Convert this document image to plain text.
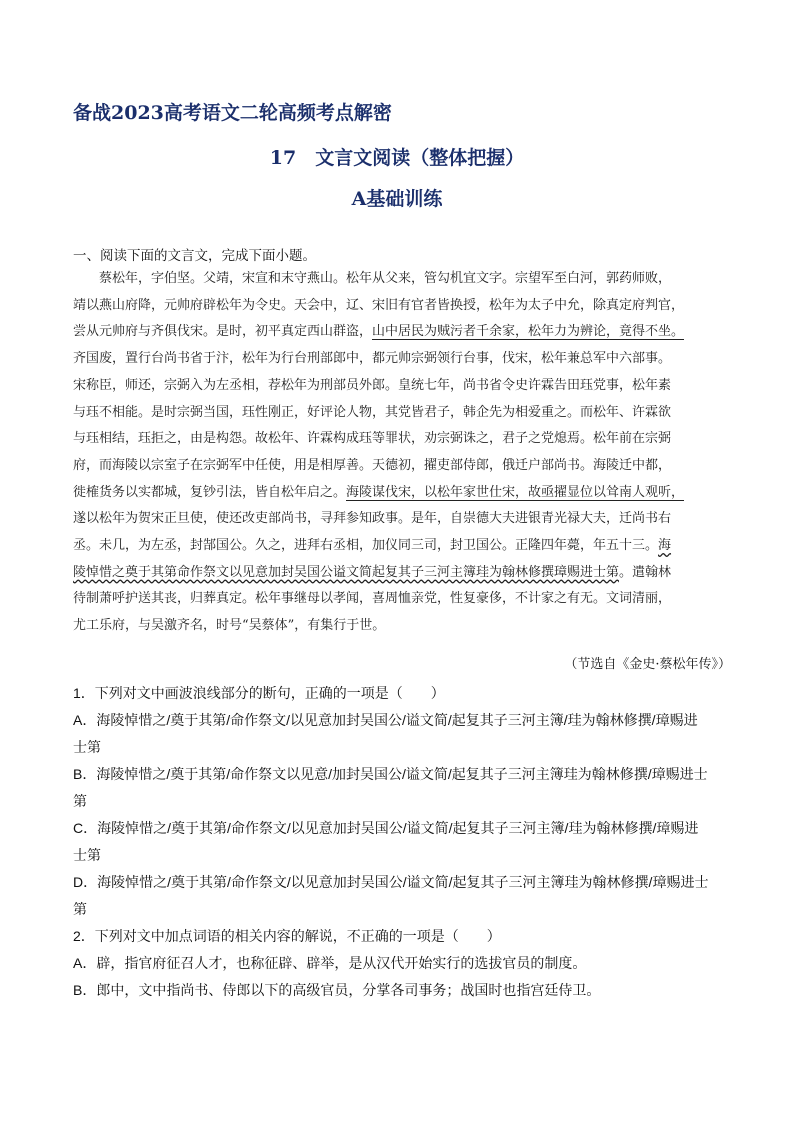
备战2023高考语文二轮高频考点解密
17　文言文阅读（整体把握）
A基础训练
一、阅读下面的文言文，完成下面小题。
　　蔡松年，字伯坚。父靖，宋宣和末守燕山。松年从父来，管勾机宜文字。宗望军至白河，郭药师败，
靖以燕山府降，元帅府辟松年为令史。天会中，辽、宋旧有官者皆换授，松年为太子中允，除真定府判官，
尝从元帅府与齐俱伐宋。是时，初平真定西山群盗，山中居民为贼污者千余家，松年力为辨论，竟得不坐。
齐国废，置行台尚书省于汴，松年为行台刑部郎中，都元帅宗弼领行台事，伐宋，松年兼总军中六部事。
宋称臣，师还，宗弼入为左丞相，荐松年为刑部员外郎。皇统七年，尚书省令史许霖告田珏党事，松年素
与珏不相能。是时宗弼当国，珏性刚正，好评论人物，其党皆君子，韩企先为相爱重之。而松年、许霖欲
与珏相结，珏拒之，由是构怨。故松年、许霖构成珏等罪状，劝宗弼诛之，君子之党熄焉。松年前在宗弼
府，而海陵以宗室子在宗弼军中任使，用是相厚善。天德初，擢吏部侍郎，俄迁户部尚书。海陵迁中都，
徙榷货务以实都城，复钞引法，皆自松年启之。海陵谋伐宋，以松年家世仕宋，故亟擢显位以耸南人观听，
遂以松年为贺宋正旦使，使还改吏部尚书，寻拜参知政事。是年，自崇德大夫进银青光禄大夫，迁尚书右
丞。未几，为左丞，封郜国公。久之，进拜右丞相，加仪同三司，封卫国公。正隆四年薨，年五十三。海
陵悼惜之奠于其第命作祭文以见意加封吴国公谥文简起复其子三河主簿珪为翰林修撰璋赐进士第。遣翰林
待制萧呼护送其丧，归葬真定。松年事继母以孝闻，喜周恤亲党，性复豪侈，不计家之有无。文词清丽，
尤工乐府，与吴激齐名，时号“吴蔡体”，有集行于世。
（节选自《金史·蔡松年传》）
1．下列对文中画波浪线部分的断句，正确的一项是（　　）
A．海陵悼惜之/奠于其第/命作祭文/以见意加封吴国公/谥文简/起复其子三河主簿/珪为翰林修撰/璋赐进
士第
B．海陵悼惜之/奠于其第/命作祭文以见意/加封吴国公/谥文简/起复其子三河主簿珪为翰林修撰/璋赐进士
第
C．海陵悼惜之/奠于其第/命作祭文/以见意加封吴国公/谥文简/起复其子三河主簿/珪为翰林修撰/璋赐进
士第
D．海陵悼惜之/奠于其第/命作祭文/以见意加封吴国公/谥文简/起复其子三河主簿珪为翰林修撰/璋赐进士
第
2．下列对文中加点词语的相关内容的解说，不正确的一项是（　　）
A．辟，指官府征召人才，也称征辟、辟举，是从汉代开始实行的选拔官员的制度。
B．郎中，文中指尚书、侍郎以下的高级官员，分掌各司事务；战国时也指宫廷侍卫。
